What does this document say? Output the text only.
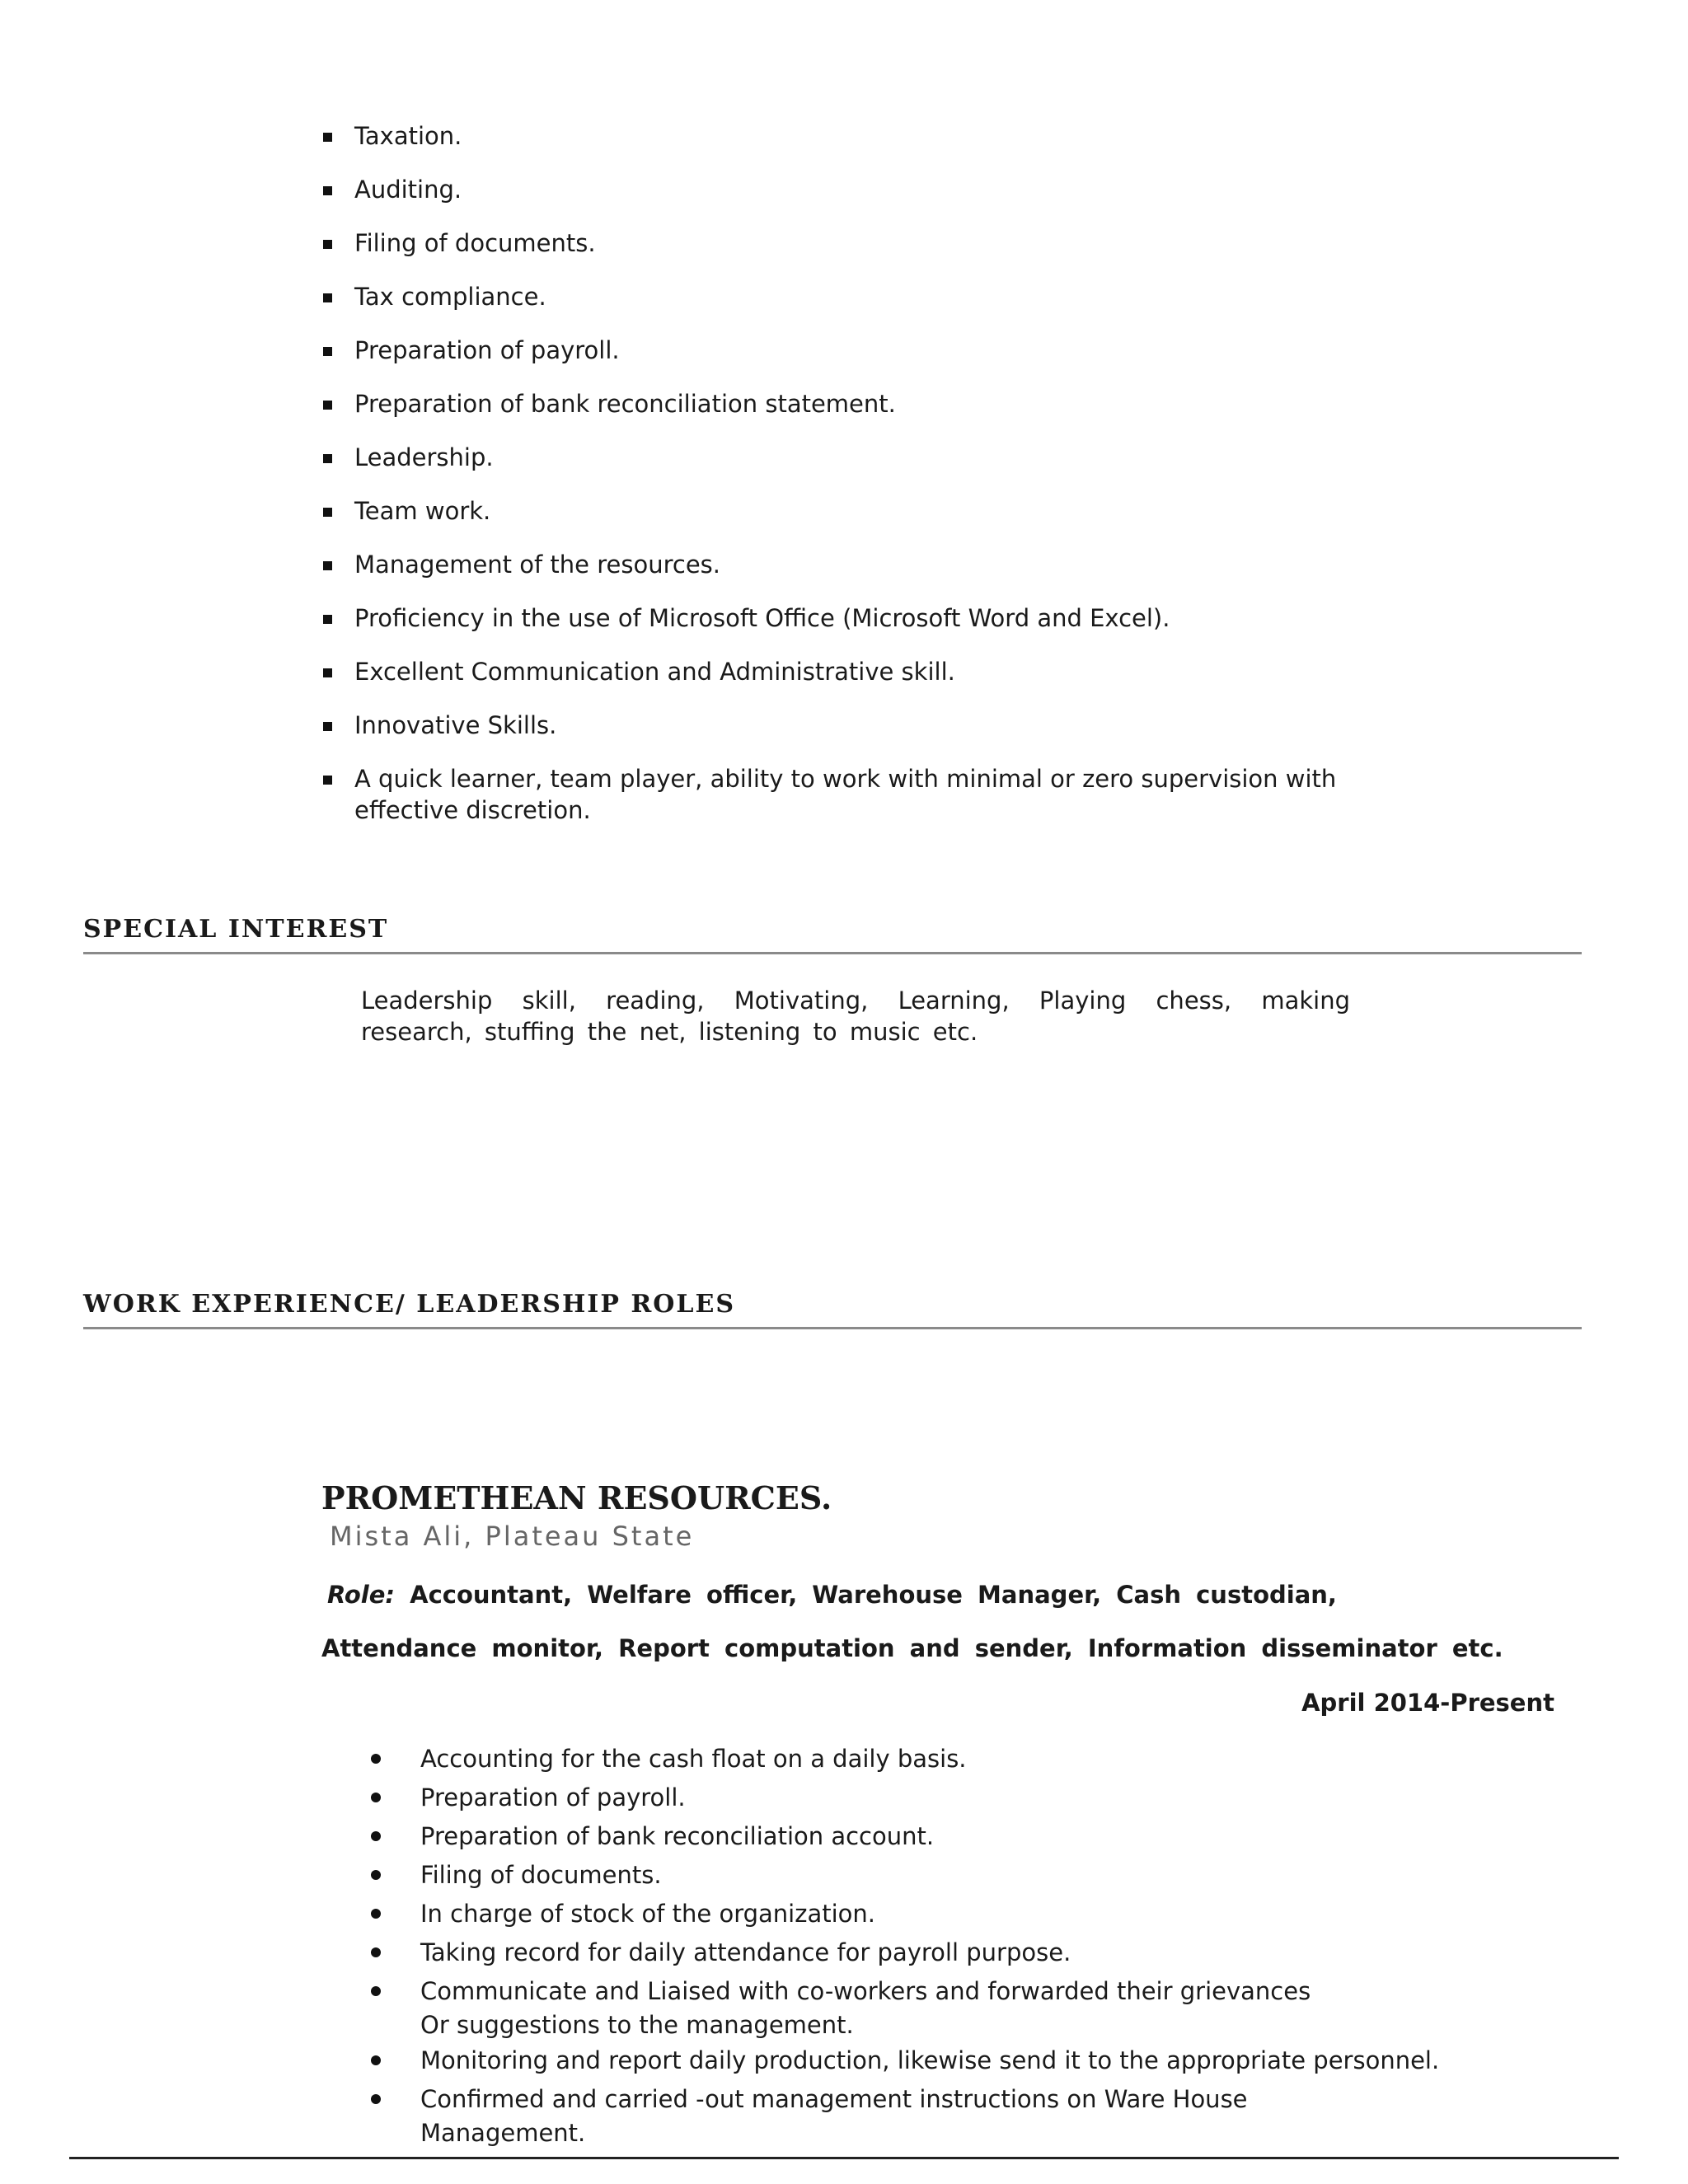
Taxation.
Auditing.
Filing of documents.
Tax compliance.
Preparation of payroll.
Preparation of bank reconciliation statement.
Leadership.
Team work.
Management of the resources.
Proficiency in the use of Microsoft Office (Microsoft Word and Excel).
Excellent Communication and Administrative skill.
Innovative Skills.
A quick learner, team player, ability to work with minimal or zero supervision with
effective discretion.
SPECIAL INTEREST
Leadership skill, reading, Motivating, Learning, Playing chess, making research, stuffing the net, listening to music etc.
WORK EXPERIENCE/ LEADERSHIP ROLES
PROMETHEAN RESOURCES.
Mista Ali, Plateau State
Role: Accountant, Welfare officer, Warehouse Manager, Cash custodian,
Attendance monitor, Report computation and sender, Information disseminator etc.
April 2014-Present
Accounting for the cash float on a daily basis.
Preparation of payroll.
Preparation of bank reconciliation account.
Filing of documents.
In charge of stock of the organization.
Taking record for daily attendance for payroll purpose.
Communicate and Liaised with co-workers and forwarded their grievances
Or suggestions to the management.
Monitoring and report daily production, likewise send it to the appropriate personnel.
Confirmed and carried -out management instructions on Ware House
Management.
